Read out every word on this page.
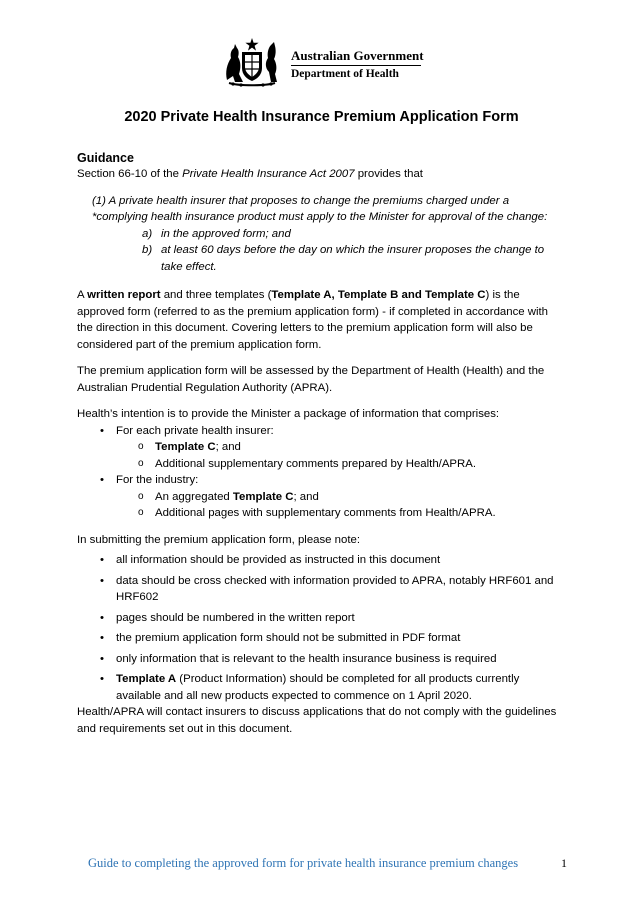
Australian Government
Department of Health
2020 Private Health Insurance Premium Application Form

Guidance

Section 66-10 of the Private Health Insurance Act 2007 provides that

(1) A private health insurer that proposes to change the premiums charged under a *complying health insurance product must apply to the Minister for approval of the change:

a) in the approved form; and
b) at least 60 days before the day on which the insurer proposes the change to take effect.

A written report and three templates (Template A, Template B and Template C) is the approved form (referred to as the premium application form) - if completed in accordance with the direction in this document. Covering letters to the premium application form will also be considered part of the premium application form.

The premium application form will be assessed by the Department of Health (Health) and the Australian Prudential Regulation Authority (APRA).

Health’s intention is to provide the Minister a package of information that comprises:

• For each private health insurer:
o Template C; and
o Additional supplementary comments prepared by Health/APRA.
• For the industry:
o An aggregated Template C; and
o Additional pages with supplementary comments from Health/APRA.

In submitting the premium application form, please note:

• all information should be provided as instructed in this document
• data should be cross checked with information provided to APRA, notably HRF601 and HRF602
• pages should be numbered in the written report
• the premium application form should not be submitted in PDF format
• only information that is relevant to the health insurance business is required
• Template A (Product Information) should be completed for all products currently available and all new products expected to commence on 1 April 2020.

Health/APRA will contact insurers to discuss applications that do not comply with the guidelines and requirements set out in this document.

Guide to completing the approved form for private health insurance premium changes	1
